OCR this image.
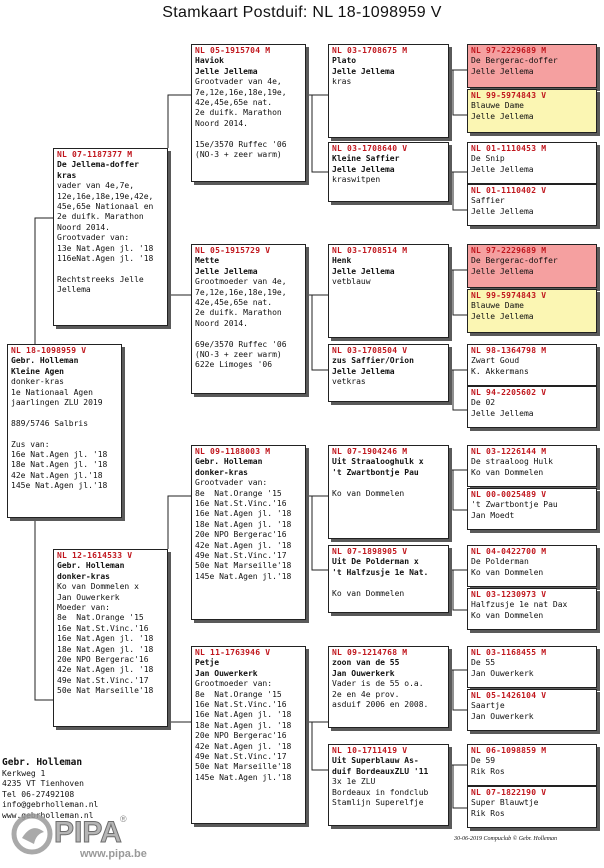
Stamkaart Postduif: NL 18-1098959 V
NL 18-1098959 V
Gebr. Holleman
Kleine Agen
donker-kras
1e Nationaal Agen
jaarlingen ZLU 2019
889/5746 Salbris
Zus van:
16e Nat.Agen jl. '18
18e Nat.Agen jl. '18
42e Nat.Agen jl.'18
145e Nat.Agen jl.'18
NL 07-1187377 M
De Jellema-doffer
kras
vader van 4e,7e,
12e,16e,18e,19e,42e,
45e,65e Nationaal en
2e duifk. Marathon
Noord 2014.
Grootvader van:
13e Nat.Agen jl. '18
116eNat.Agen jl. '18
Rechtstreeks Jelle
Jellema
NL 12-1614533 V
Gebr. Holleman
donker-kras
Ko van Dommelen x
Jan Ouwerkerk
Moeder van:
8e  Nat.Orange '15
16e Nat.St.Vinc.'16
16e Nat.Agen jl. '18
18e Nat.Agen jl. '18
20e NPO Bergerac'16
42e Nat.Agen jl. '18
49e Nat.St.Vinc.'17
50e Nat Marseille'18
NL 05-1915704 M
Haviok
Jelle Jellema
Grootvader van 4e,
7e,12e,16e,18e,19e,
42e,45e,65e nat.
2e duifk. Marathon
Noord 2014.
15e/3570 Ruffec '06
(NO-3 + zeer warm)
NL 05-1915729 V
Mette
Jelle Jellema
Grootmoeder van 4e,
7e,12e,16e,18e,19e,
42e,45e,65e nat.
2e duifk. Marathon
Noord 2014.
69e/3570 Ruffec '06
(NO-3 + zeer warm)
622e Limoges '06
NL 09-1188003 M
Gebr. Holleman
donker-kras
Grootvader van:
8e  Nat.Orange '15
16e Nat.St.Vinc.'16
16e Nat.Agen jl. '18
18e Nat.Agen jl. '18
20e NPO Bergerac'16
42e Nat.Agen jl. '18
49e Nat.St.Vinc.'17
50e Nat Marseille'18
145e Nat.Agen jl.'18
NL 11-1763946 V
Petje
Jan Ouwerkerk
Grootmoeder van:
8e  Nat.Orange '15
16e Nat.St.Vinc.'16
16e Nat.Agen jl. '18
18e Nat.Agen jl. '18
20e NPO Bergerac'16
42e Nat.Agen jl. '18
49e Nat.St.Vinc.'17
50e Nat Marseille'18
145e Nat.Agen jl.'18
NL 03-1708675 M
Plato
Jelle Jellema
kras
NL 03-1708640 V
Kleine Saffier
Jelle Jellema
kraswitpen
NL 03-1708514 M
Henk
Jelle Jellema
vetblauw
NL 03-1708504 V
zus Saffier/Orion
Jelle Jellema
vetkras
NL 07-1904246 M
Uit Straalooghulk x
't Zwartbontje Pau
Ko van Dommelen
NL 07-1898905 V
Uit De Polderman x
't Halfzusje 1e Nat.
Ko van Dommelen
NL 09-1214768 M
zoon van de 55
Jan Ouwerkerk
Vader is de 55 o.a.
2e en 4e prov.
asduif 2006 en 2008.
NL 10-1711419 V
Uit Superblauw As-
duif BordeauxZLU '11
3x 1e ZLU
Bordeaux in fondclub
Stamlijn Superelfje
NL 97-2229689 M
De Bergerac-doffer
Jelle Jellema
NL 99-5974843 V
Blauwe Dame
Jelle Jellema
NL 01-1110453 M
De Snip
Jelle Jellema
NL 01-1110402 V
Saffier
Jelle Jellema
NL 97-2229689 M
De Bergerac-doffer
Jelle Jellema
NL 99-5974843 V
Blauwe Dame
Jelle Jellema
NL 98-1364798 M
Zwart Goud
K. Akkermans
NL 94-2205602 V
De 02
Jelle Jellema
NL 03-1226144 M
De straaloog Hulk
Ko van Dommelen
NL 00-0025489 V
't Zwartbontje Pau
Jan Moedt
NL 04-0422700 M
De Polderman
Ko van Dommelen
NL 03-1230973 V
Halfzusje 1e nat Dax
Ko van Dommelen
NL 03-1168455 M
De 55
Jan Ouwerkerk
NL 05-1426104 V
Saartje
Jan Ouwerkerk
NL 06-1098859 M
De 59
Rik Ros
NL 07-1822190 V
Super Blauwtje
Rik Ros
Gebr. Holleman
Kerkweg 1
4235 VT Tienhoven
Tel 06-27492108
info@gebrholleman.nl
www.gebrholleman.nl
PIPA
®
www.pipa.be
30-06-2019 Compuclub © Gebr. Holleman
